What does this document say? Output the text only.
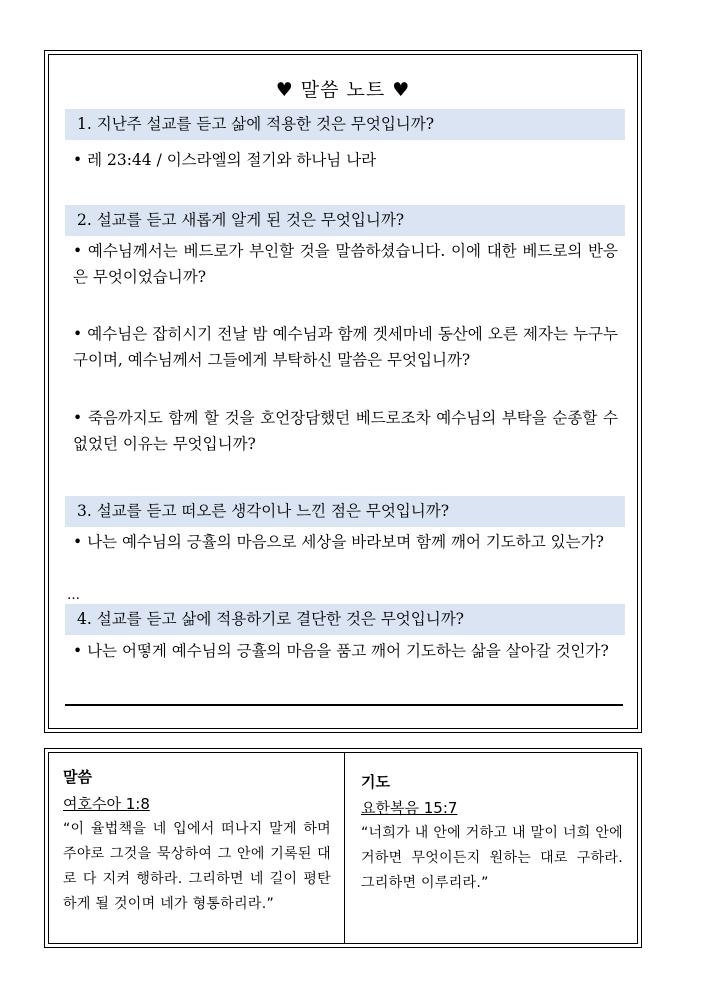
♥ 말씀 노트 ♥
1. 지난주 설교를 듣고 삶에 적용한 것은 무엇입니까?
• 레 23:44 / 이스라엘의 절기와 하나님 나라
2. 설교를 듣고 새롭게 알게 된 것은 무엇입니까?
• 예수님께서는 베드로가 부인할 것을 말씀하셨습니다. 이에 대한 베드로의 반응은 무엇이었습니까?
• 예수님은 잡히시기 전날 밤 예수님과 함께 겟세마네 동산에 오른 제자는 누구누구이며, 예수님께서 그들에게 부탁하신 말씀은 무엇입니까?
• 죽음까지도 함께 할 것을 호언장담했던 베드로조차 예수님의 부탁을 순종할 수 없었던 이유는 무엇입니까?
3. 설교를 듣고 떠오른 생각이나 느낀 점은 무엇입니까?
• 나는 예수님의 긍휼의 마음으로 세상을 바라보며 함께 깨어 기도하고 있는가?
…
4. 설교를 듣고 삶에 적용하기로 결단한 것은 무엇입니까?
• 나는 어떻게 예수님의 긍휼의 마음을 품고 깨어 기도하는 삶을 살아갈 것인가?
말씀
여호수아 1:8
“이 율법책을 네 입에서 떠나지 말게 하며 주야로 그것을 묵상하여 그 안에 기록된 대로 다 지켜 행하라. 그리하면 네 길이 평탄하게 될 것이며 네가 형통하리라.”
기도
요한복음 15:7
“너희가 내 안에 거하고 내 말이 너희 안에 거하면 무엇이든지 원하는 대로 구하라. 그리하면 이루리라.”
